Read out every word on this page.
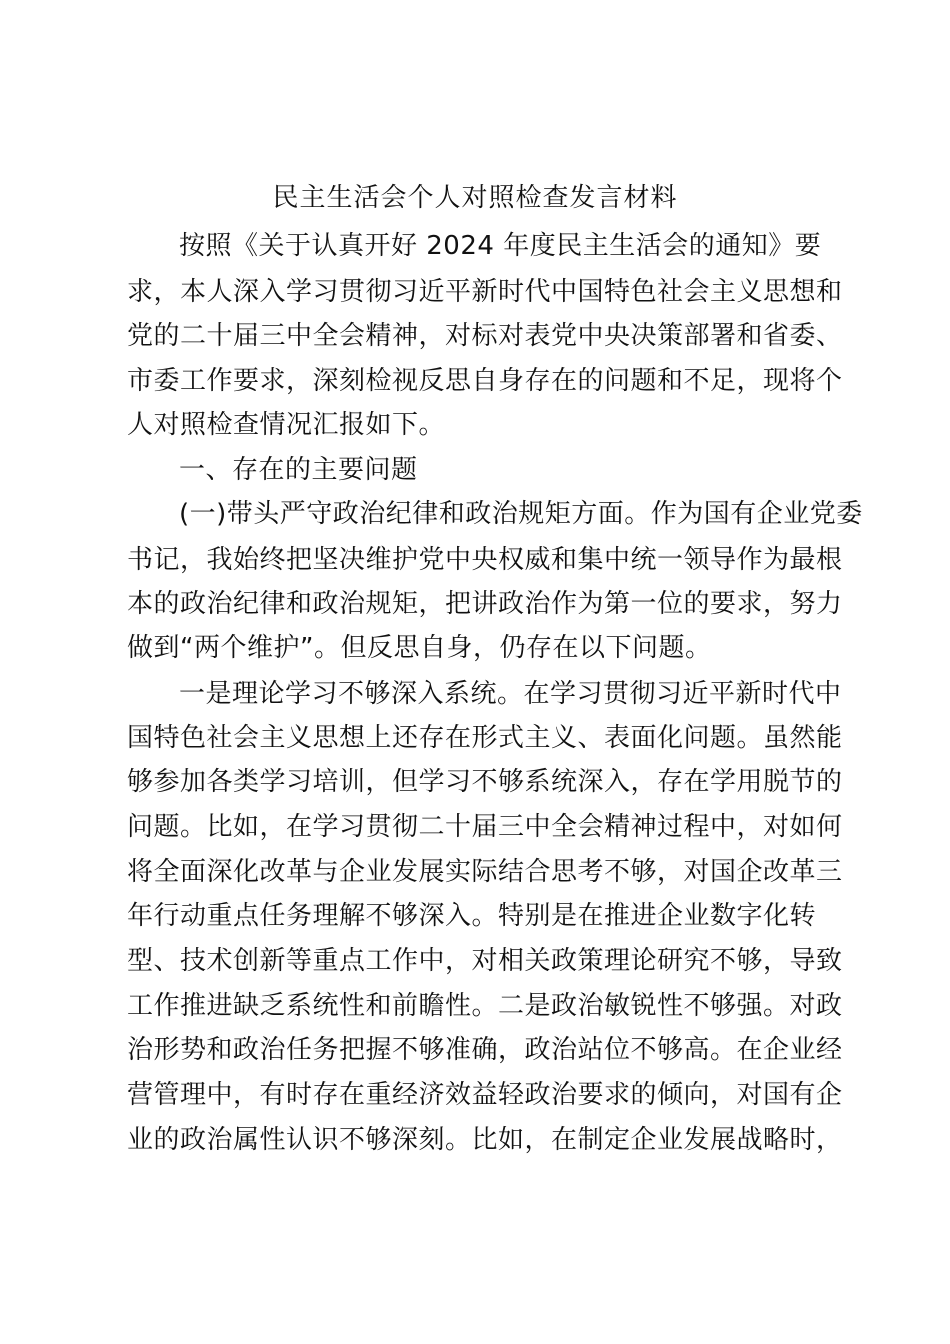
民主生活会个人对照检查发言材料
按照《关于认真开好 2024 年度民主生活会的通知》要
求，本人深入学习贯彻习近平新时代中国特色社会主义思想和
党的二十届三中全会精神，对标对表党中央决策部署和省委、
市委工作要求，深刻检视反思自身存在的问题和不足，现将个
人对照检查情况汇报如下。
一、存在的主要问题
(一)带头严守政治纪律和政治规矩方面。作为国有企业党委
书记，我始终把坚决维护党中央权威和集中统一领导作为最根
本的政治纪律和政治规矩，把讲政治作为第一位的要求，努力
做到“两个维护”。但反思自身，仍存在以下问题。
一是理论学习不够深入系统。在学习贯彻习近平新时代中
国特色社会主义思想上还存在形式主义、表面化问题。虽然能
够参加各类学习培训，但学习不够系统深入，存在学用脱节的
问题。比如，在学习贯彻二十届三中全会精神过程中，对如何
将全面深化改革与企业发展实际结合思考不够，对国企改革三
年行动重点任务理解不够深入。特别是在推进企业数字化转
型、技术创新等重点工作中，对相关政策理论研究不够，导致
工作推进缺乏系统性和前瞻性。二是政治敏锐性不够强。对政
治形势和政治任务把握不够准确，政治站位不够高。在企业经
营管理中，有时存在重经济效益轻政治要求的倾向，对国有企
业的政治属性认识不够深刻。比如，在制定企业发展战略时，
